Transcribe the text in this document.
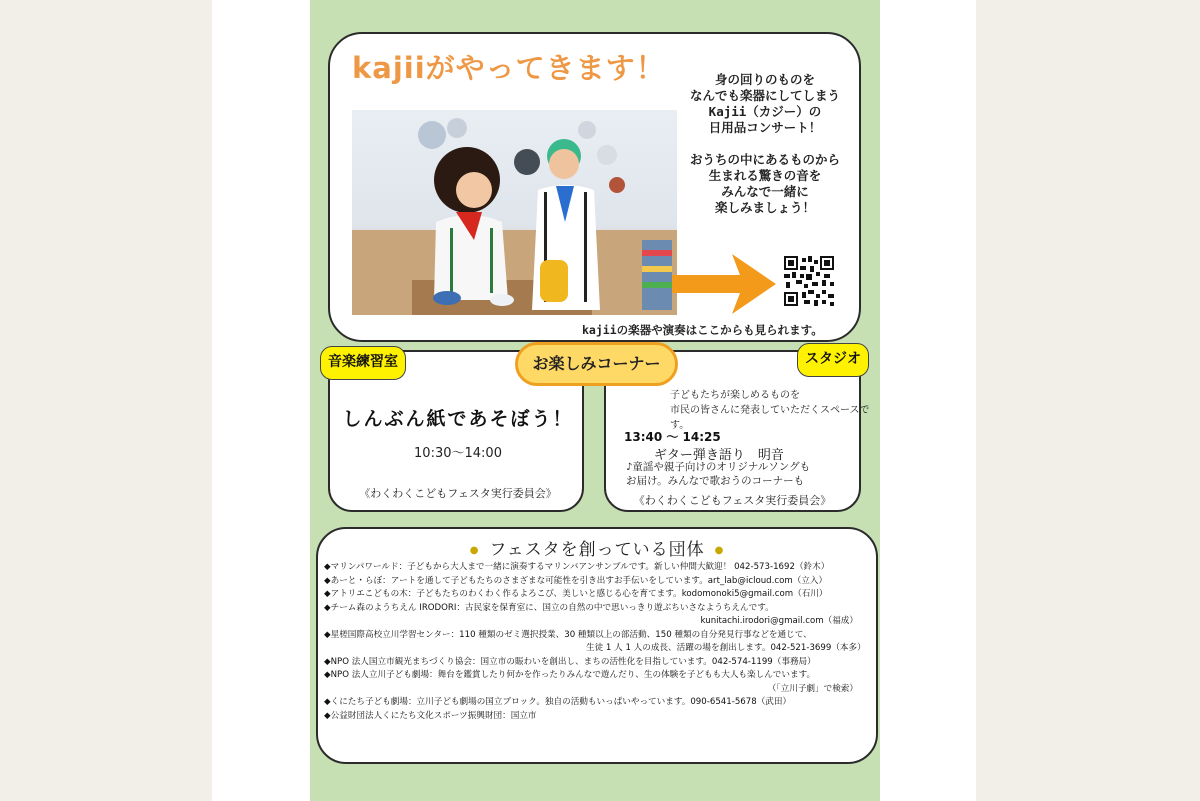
kajiiがやってきます！	身の回りのものを

なんでも楽器にしてしまう

Kajii（カジー）の

日用品コンサート！

おうちの中にあるものから

生まれる驚きの音を

みんなで一緒に

楽しみましょう！

kajiiの楽器や演奏はここからも見られます。
音楽練習室
しんぶん紙であそぼう！
10:30〜14:00
《わくわくこどもフェスタ実行委員会》
スタジオ

子どもたちが楽しめるものを

市民の皆さんに発表していただくスペースです。

13:40 〜 14:25
ギター弾き語り　明音

♪童謡や親子向けのオリジナルソングも

お届け。みんなで歌おうのコーナーも

《わくわくこどもフェスタ実行委員会》
お楽しみコーナー
● フェスタを創っている団体 ●
◆マリンパワールド：子どもから大人まで一緒に演奏するマリンバアンサンブルです。新しい仲間大歓迎！ 042-573-1692（鈴木）
◆あーと・らぼ：アートを通して子どもたちのさまざまな可能性を引き出すお手伝いをしています。art_lab@icloud.com（立入）
◆アトリエこどもの木：子どもたちのわくわく作るよろこび、美しいと感じる心を育てます。kodomonoki5@gmail.com（石川）
◆チーム森のようちえん IRODORI：古民家を保育室に、国立の自然の中で思いっきり遊ぶちいさなようちえんです。
kunitachi.irodori@gmail.com（福成）
◆星槎国際高校立川学習センター：110 種類のゼミ選択授業、30 種類以上の部活動、150 種類の自分発見行事などを通じて、
生徒 1 人 1 人の成長、活躍の場を創出します。042-521-3699（本多）
◆NPO 法人国立市観光まちづくり協会：国立市の賑わいを創出し、まちの活性化を目指しています。042-574-1199（事務局）
◆NPO 法人立川子ども劇場：舞台を鑑賞したり何かを作ったりみんなで遊んだり、生の体験を子どもも大人も楽しんでいます。
（「立川子劇」で検索）
◆くにたち子ども劇場：立川子ども劇場の国立ブロック。独自の活動もいっぱいやっています。090-6541-5678（武田）
◆公益財団法人くにたち文化スポーツ振興財団：国立市
